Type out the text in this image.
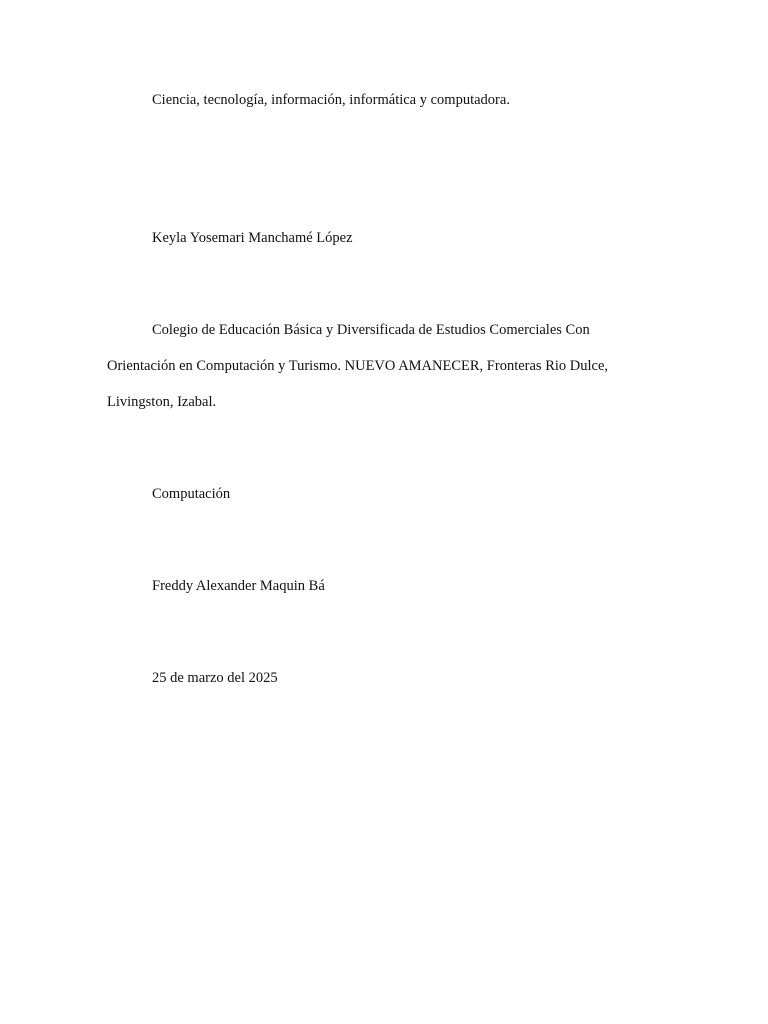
Ciencia, tecnología, información, informática y computadora.

Keyla Yosemari Manchamé López

Colegio de Educación Básica y Diversificada de Estudios Comerciales Con Orientación en Computación y Turismo. NUEVO AMANECER, Fronteras Rio Dulce, Livingston, Izabal.

Computación

Freddy Alexander Maquin Bá

25 de marzo del 2025
